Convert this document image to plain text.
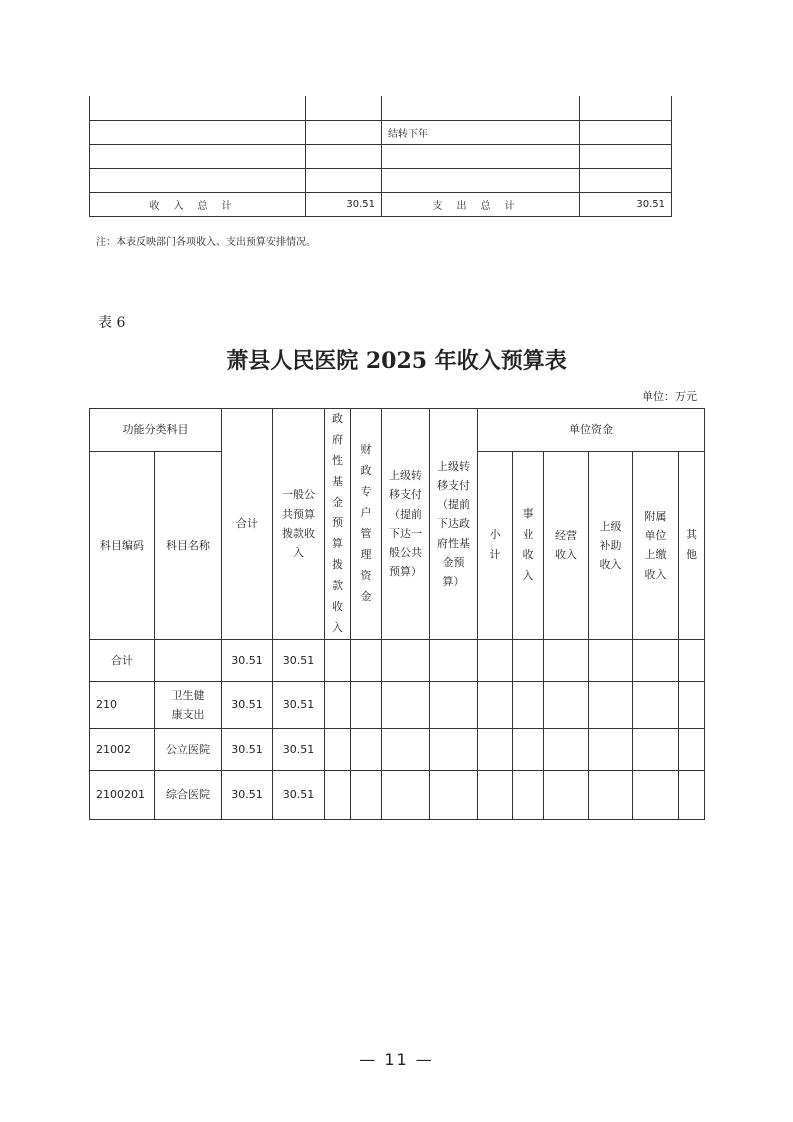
		结转下年	

收入总计	30.51	支出总计	30.51
注：本表反映部门各项收入、支出预算安排情况。
表 6
萧县人民医院 2025 年收入预算表
单位：万元
功能分类科目		合计	一般公共预算拨款收入	政府性基金预算拨款收入	财政专户管理资金	上级转移支付（提前下达一般公共预算）	上级转移支付（提前下达政府性基金预算）	单位资金					
科目编码	科目名称							小计	事业收入	经营收入	上级补助收入	附属单位上缴收入	其他
合计		30.51	30.51										
210	卫生健康支出	30.51	30.51										
21002	公立医院	30.51	30.51										
2100201	综合医院	30.51	30.51										
— 11 —
